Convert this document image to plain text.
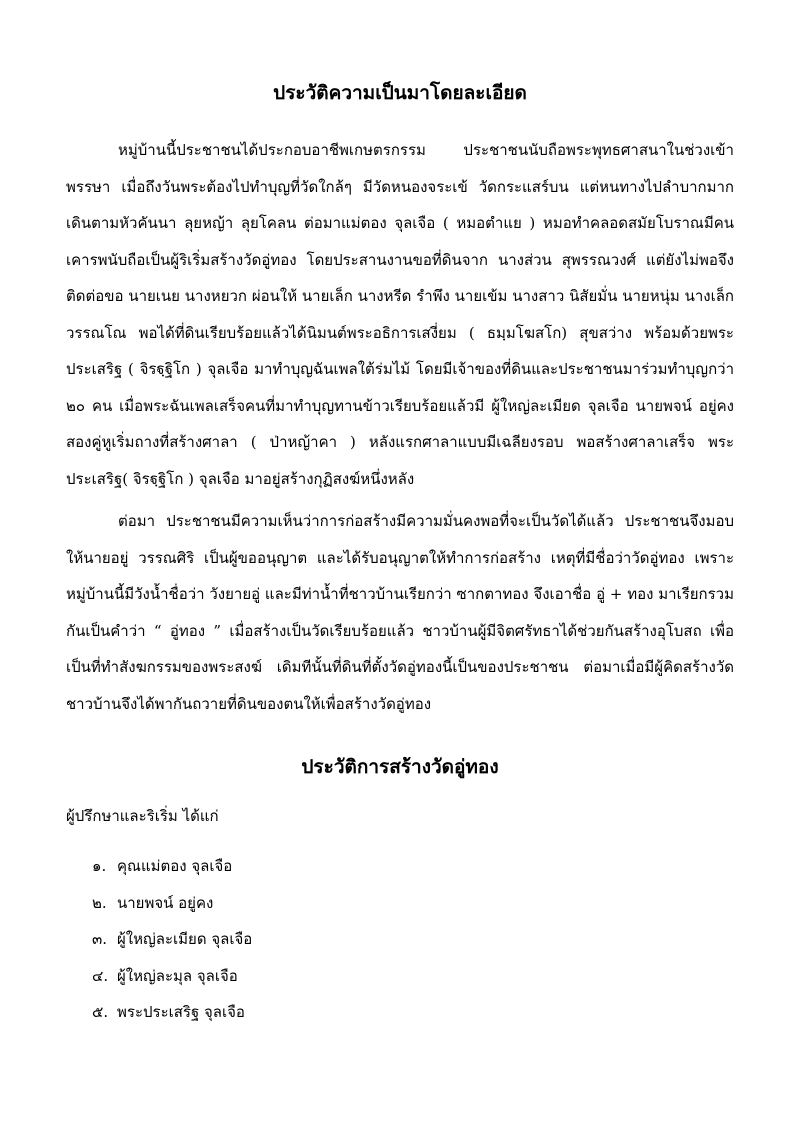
ประวัติความเป็นมาโดยละเอียด

หมู่บ้านนี้ประชาชนได้ประกอบอาชีพเกษตรกรรม ประชาชนนับถือพระพุทธศาสนาในช่วงเข้าพรรษา เมื่อถึงวันพระต้องไปทำบุญที่วัดใกล้ๆ มีวัดหนองจระเข้ วัดกระแสร์บน แต่หนทางไปลำบากมากเดินตามหัวคันนา ลุยหญ้า ลุยโคลน ต่อมาแม่ตอง จุลเจือ ( หมอตำแย ) หมอทำคลอดสมัยโบราณมีคนเคารพนับถือเป็นผู้ริเริ่มสร้างวัดอู่ทอง โดยประสานงานขอที่ดินจาก นางส่วน สุพรรณวงศ์ แต่ยังไม่พอจึงติดต่อขอ นายเนย นางหยวก ผ่อนให้ นายเล็ก นางหรีด รำพึง นายเข้ม นางสาว นิสัยมั่น นายหนุ่ม นางเล็ก วรรณโณ พอได้ที่ดินเรียบร้อยแล้วได้นิมนต์พระอธิการเสงี่ยม ( ธมฺมโฆสโก) สุขสว่าง พร้อมด้วยพระประเสริฐ ( จิรฐฺฐิโก ) จุลเจือ มาทำบุญฉันเพลใต้ร่มไม้ โดยมีเจ้าของที่ดินและประชาชนมาร่วมทำบุญกว่า ๒๐ คน เมื่อพระฉันเพลเสร็จคนที่มาทำบุญทานข้าวเรียบร้อยแล้วมี ผู้ใหญ่ละเมียด จุลเจือ นายพจน์ อยู่คง สองคู่หูเริ่มถางที่สร้างศาลา ( ป่าหญ้าคา ) หลังแรกศาลาแบบมีเฉลียงรอบ พอสร้างศาลาเสร็จ พระประเสริฐ( จิรฐฺฐิโก ) จุลเจือ มาอยู่สร้างกุฏิสงฆ์หนึ่งหลัง

ต่อมา ประชาชนมีความเห็นว่าการก่อสร้างมีความมั่นคงพอที่จะเป็นวัดได้แล้ว ประชาชนจึงมอบให้นายอยู่ วรรณศิริ เป็นผู้ขออนุญาต และได้รับอนุญาตให้ทำการก่อสร้าง เหตุที่มีชื่อว่าวัดอู่ทอง เพราะหมู่บ้านนี้มีวังน้ำชื่อว่า วังยายอู่ และมีท่าน้ำที่ชาวบ้านเรียกว่า ซากตาทอง จึงเอาชื่อ อู่ + ทอง มาเรียกรวมกันเป็นคำว่า “ อู่ทอง ” เมื่อสร้างเป็นวัดเรียบร้อยแล้ว ชาวบ้านผู้มีจิตศรัทธาได้ช่วยกันสร้างอุโบสถ เพื่อเป็นที่ทำสังฆกรรมของพระสงฆ์ เดิมทีนั้นที่ดินที่ตั้งวัดอู่ทองนี้เป็นของประชาชน ต่อมาเมื่อมีผู้คิดสร้างวัด ชาวบ้านจึงได้พากันถวายที่ดินของตนให้เพื่อสร้างวัดอู่ทอง

ประวัติการสร้างวัดอู่ทอง

ผู้ปรึกษาและริเริ่ม ได้แก่

๑. คุณแม่ตอง จุลเจือ
๒. นายพจน์ อยู่คง
๓. ผู้ใหญ่ละเมียด จุลเจือ
๔. ผู้ใหญ่ละมุล จุลเจือ
๕. พระประเสริฐ จุลเจือ
